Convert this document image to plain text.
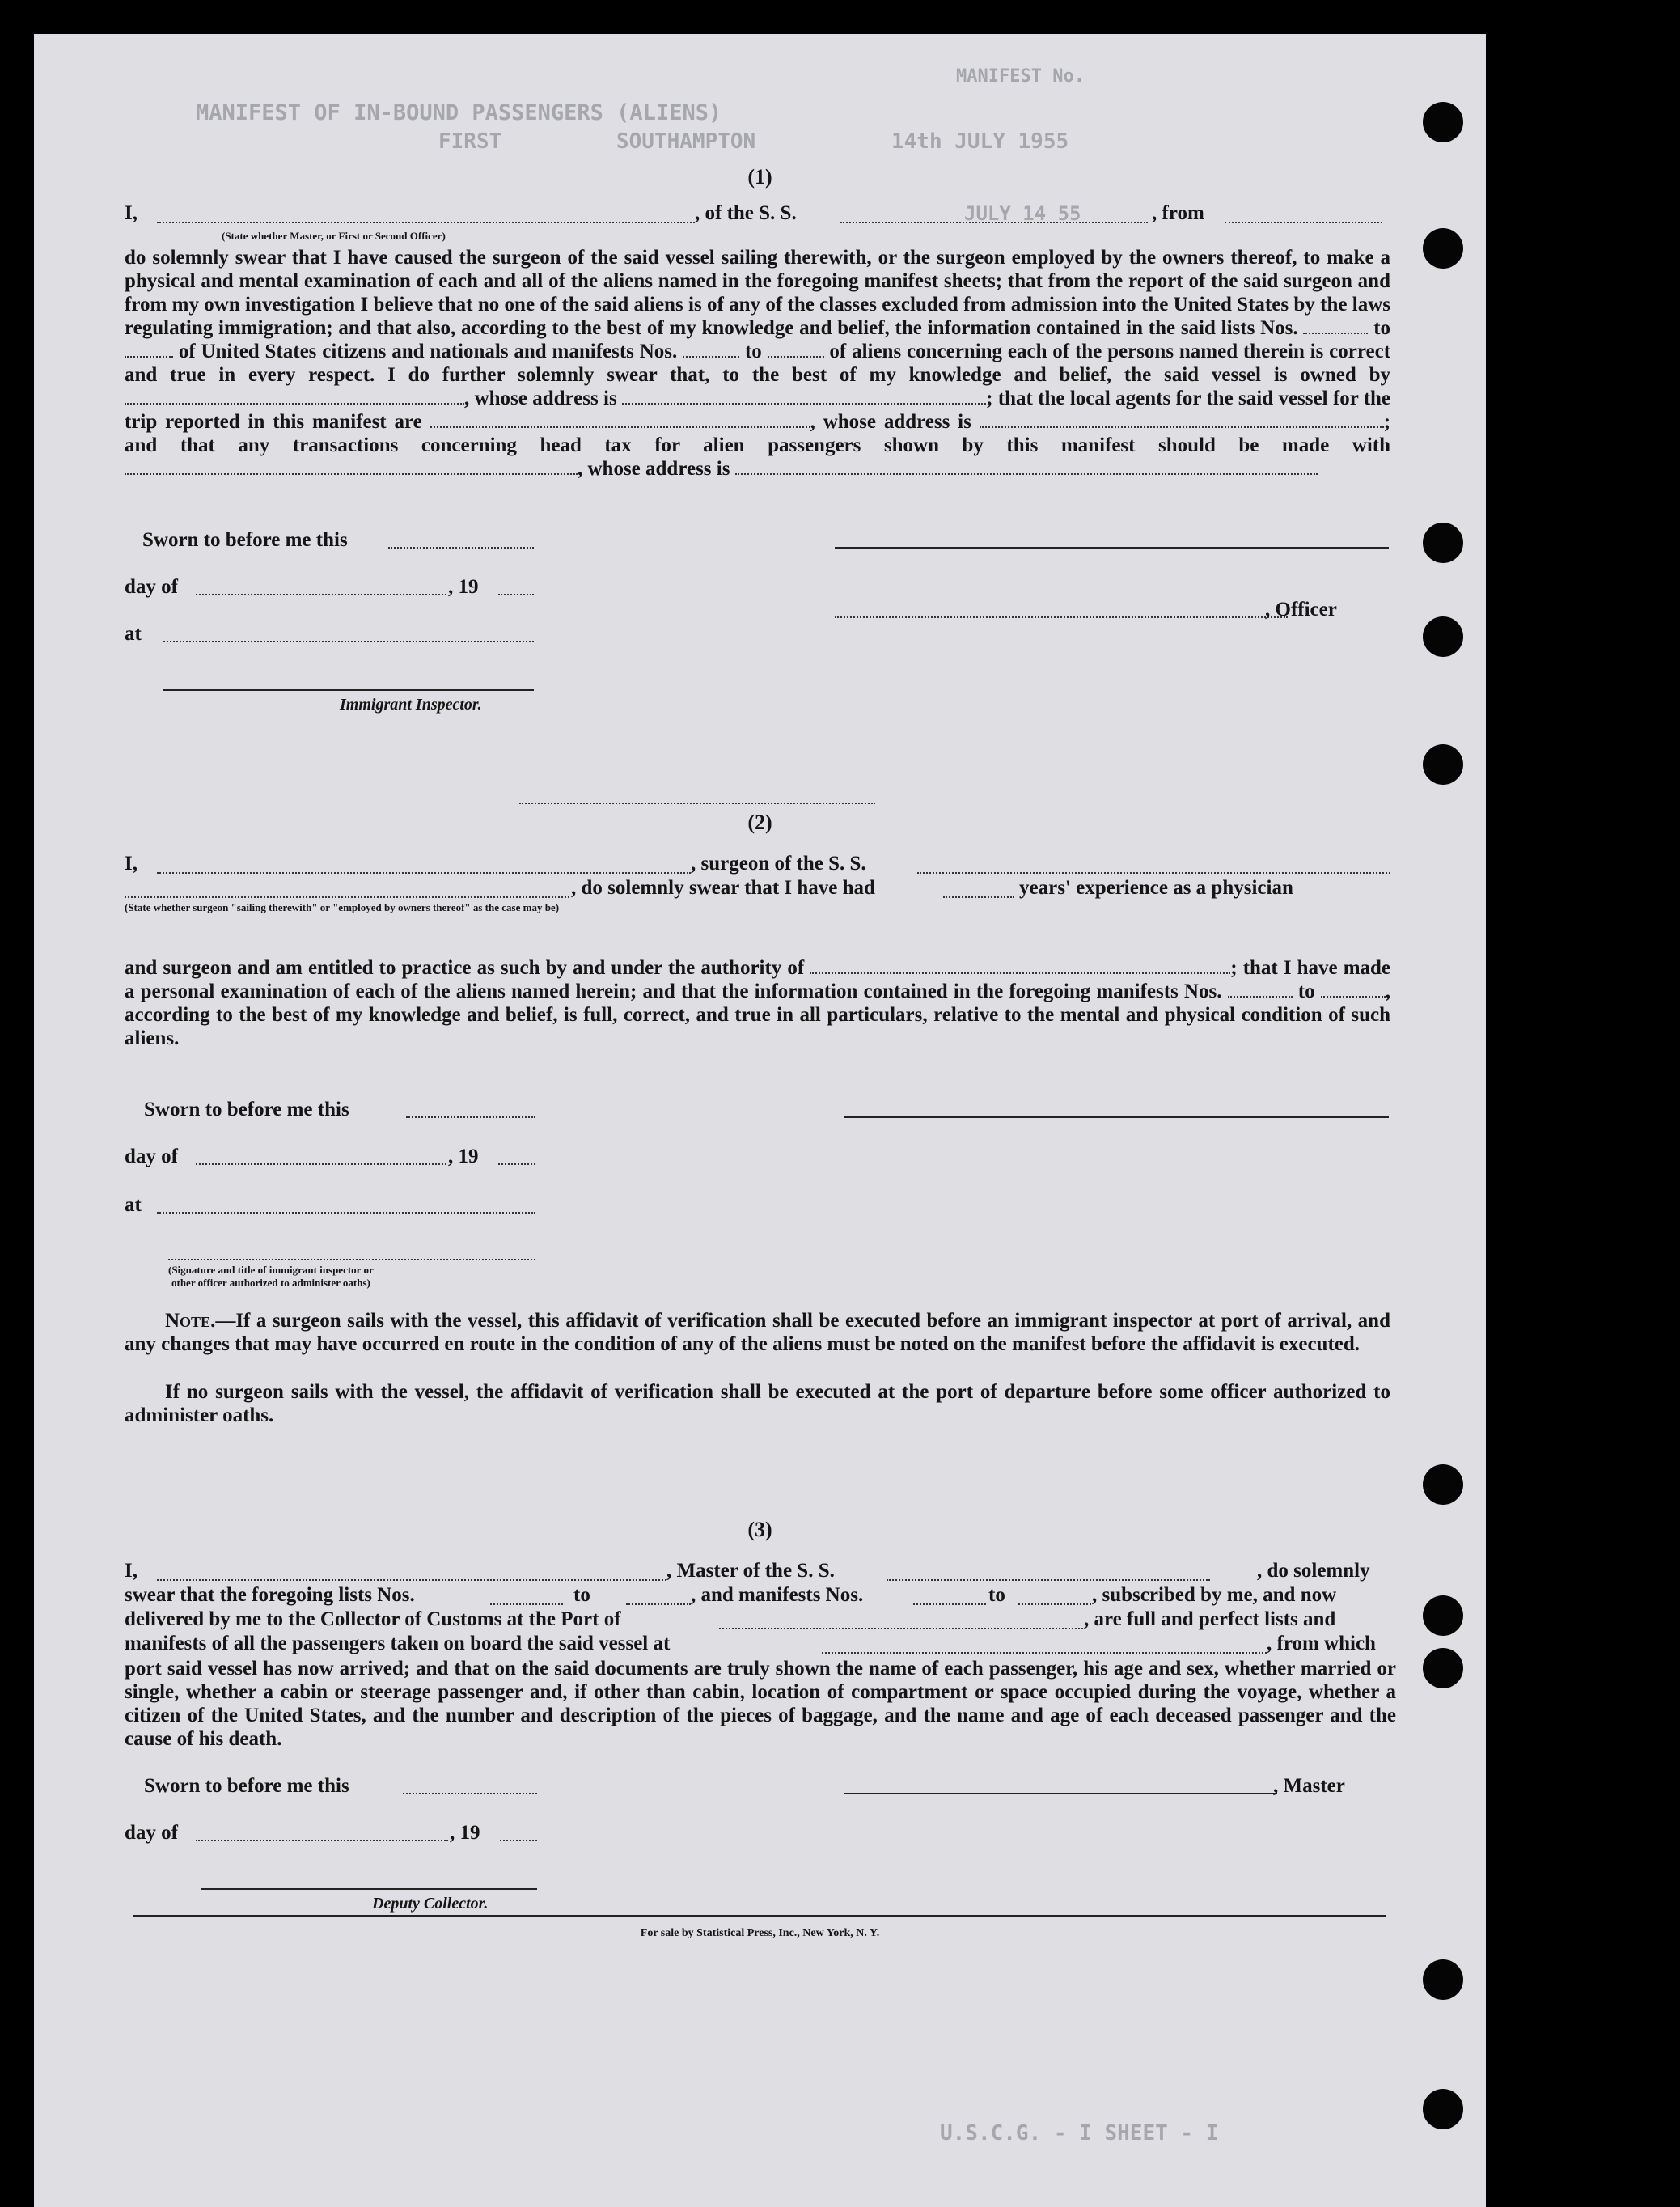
MANIFEST No.
MANIFEST OF IN-BOUND PASSENGERS (ALIENS)
FIRST	SOUTHAMPTON	14th JULY 1955
JULY 14 55
(1)
I,	, of the S. S.	, from
(State whether Master, or First or Second Officer)
do solemnly swear that I have caused the surgeon of the said vessel sailing therewith, or the surgeon employed by the owners thereof, to make a physical and mental examination of each and all of the aliens named in the foregoing manifest sheets; that from the report of the said surgeon and from my own investigation I believe that no one of the said aliens is of any of the classes excluded from admission into the United States by the laws regulating immigration; and that also, according to the best of my knowledge and belief, the information contained in the said lists Nos.	to  of United States citizens and nationals and manifests Nos.	to	of aliens concerning each of the persons named therein is correct and true in every respect. I do further solemnly swear that, to the best of my knowledge and belief, the said vessel is owned by , whose address is	; that the local agents for the said vessel for the trip reported in this manifest are	, whose address is	; and that any transactions concerning head tax for alien passengers shown by this manifest should be made with , whose address is
Sworn to before me this
day of	, 19
, Officer
at
Immigrant Inspector.
(2)
I,	, surgeon of the S. S.
, do solemnly swear that I have had	years' experience as a physician
(State whether surgeon "sailing therewith" or "employed by owners thereof" as the case may be)
and surgeon and am entitled to practice as such by and under the authority of	; that I have made a personal examination of each of the aliens named herein; and that the information contained in the foregoing manifests Nos.	to	, according to the best of my knowledge and belief, is full, correct, and true in all particulars, relative to the mental and physical condition of such aliens.
Sworn to before me this
day of	, 19
at
(Signature and title of immigrant inspector or
other officer authorized to administer oaths)
Note.—If a surgeon sails with the vessel, this affidavit of verification shall be executed before an immigrant inspector at port of arrival, and any changes that may have occurred en route in the condition of any of the aliens must be noted on the manifest before the affidavit is executed.
If no surgeon sails with the vessel, the affidavit of verification shall be executed at the port of departure before some officer authorized to administer oaths.
(3)
I,	, Master of the S. S.	, do solemnly
swear that the foregoing lists Nos.	to	, and manifests Nos.	to	, subscribed by me, and now
delivered by me to the Collector of Customs at the Port of	, are full and perfect lists and
manifests of all the passengers taken on board the said vessel at	, from which
port said vessel has now arrived; and that on the said documents are truly shown the name of each passenger, his age and sex, whether married or single, whether a cabin or steerage passenger and, if other than cabin, location of compartment or space occupied during the voyage, whether a citizen of the United States, and the number and description of the pieces of baggage, and the name and age of each deceased passenger and the cause of his death.
Sworn to before me this	, Master
day of	, 19
Deputy Collector.
For sale by Statistical Press, Inc., New York, N. Y.
U.S.C.G. - I SHEET - I
